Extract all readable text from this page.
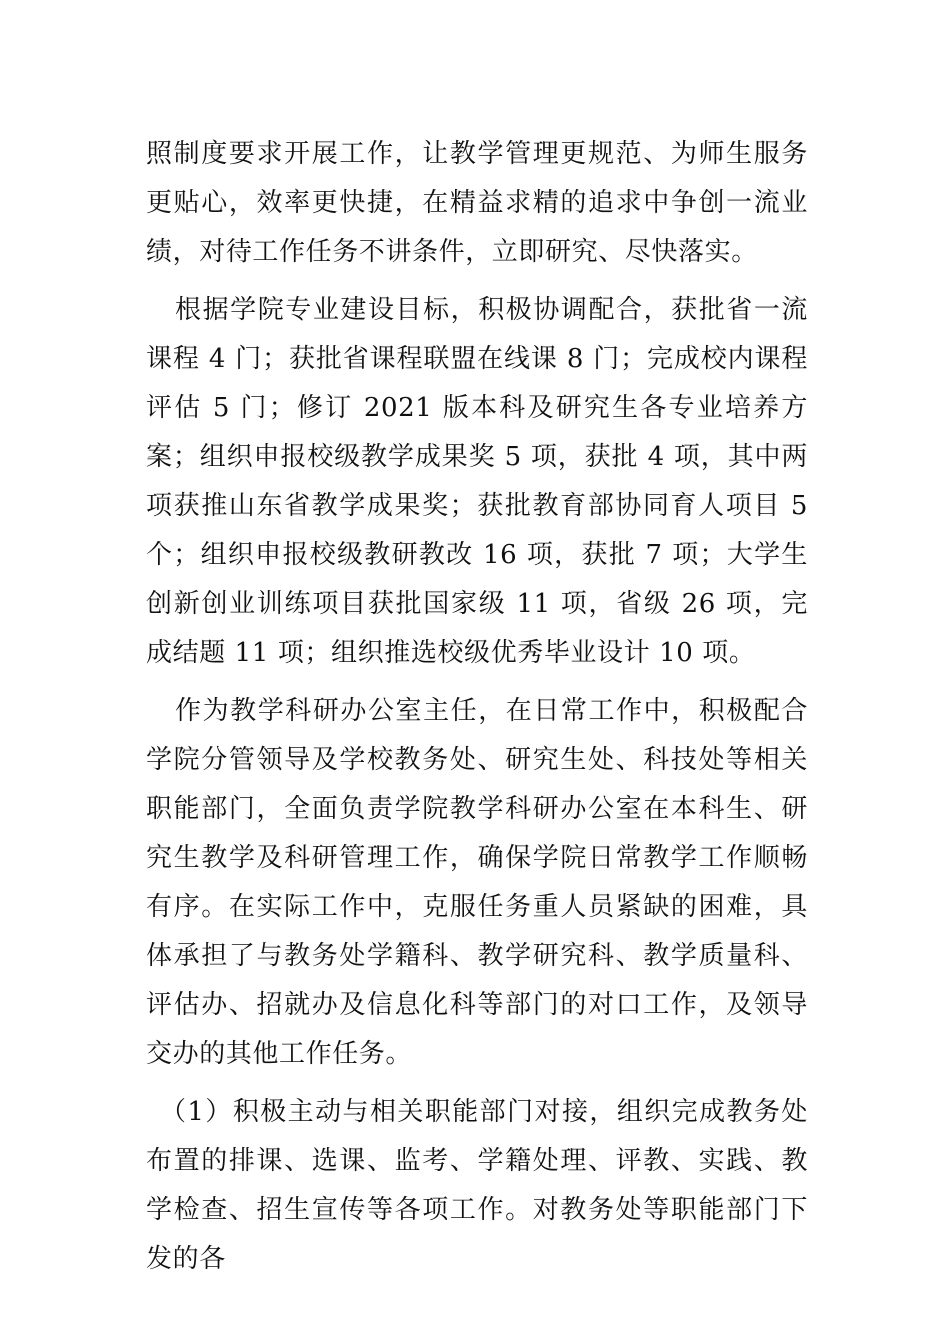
照制度要求开展工作，让教学管理更规范、为师生服务更贴心，效率更快捷，在精益求精的追求中争创一流业绩，对待工作任务不讲条件，立即研究、尽快落实。

根据学院专业建设目标，积极协调配合，获批省一流课程 4 门；获批省课程联盟在线课 8 门；完成校内课程评估 5 门；修订 2021 版本科及研究生各专业培养方案；组织申报校级教学成果奖 5 项，获批 4 项，其中两项获推山东省教学成果奖；获批教育部协同育人项目 5 个；组织申报校级教研教改 16 项，获批 7 项；大学生创新创业训练项目获批国家级 11 项，省级 26 项，完成结题 11 项；组织推选校级优秀毕业设计 10 项。

作为教学科研办公室主任，在日常工作中，积极配合学院分管领导及学校教务处、研究生处、科技处等相关职能部门，全面负责学院教学科研办公室在本科生、研究生教学及科研管理工作，确保学院日常教学工作顺畅有序。在实际工作中，克服任务重人员紧缺的困难，具体承担了与教务处学籍科、教学研究科、教学质量科、评估办、招就办及信息化科等部门的对口工作，及领导交办的其他工作任务。

（1）积极主动与相关职能部门对接，组织完成教务处布置的排课、选课、监考、学籍处理、评教、实践、教学检查、招生宣传等各项工作。对教务处等职能部门下发的各
